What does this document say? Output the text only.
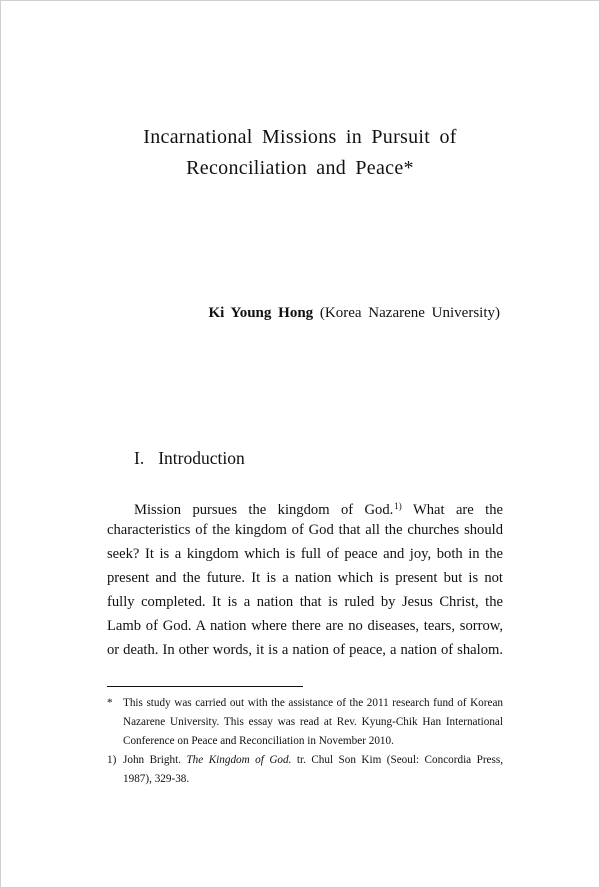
Incarnational Missions in Pursuit of
Reconciliation and Peace*
Ki Young Hong (Korea Nazarene University)
I. Introduction
Mission pursues the kingdom of God.$^{1)}$ What are the
characteristics of the kingdom of God that all the churches should
seek? It is a kingdom which is full of peace and joy, both in the
present and the future. It is a nation which is present but is not
fully completed. It is a nation that is ruled by Jesus Christ, the
Lamb of God. A nation where there are no diseases, tears, sorrow,
or death. In other words, it is a nation of peace, a nation of shalom.
* This study was carried out with the assistance of the 2011 research fund of Korean
Nazarene University. This essay was read at Rev. Kyung-Chik Han International
Conference on Peace and Reconciliation in November 2010.
1) John Bright. The Kingdom of God. tr. Chul Son Kim (Seoul: Concordia Press,
1987), 329-38.
